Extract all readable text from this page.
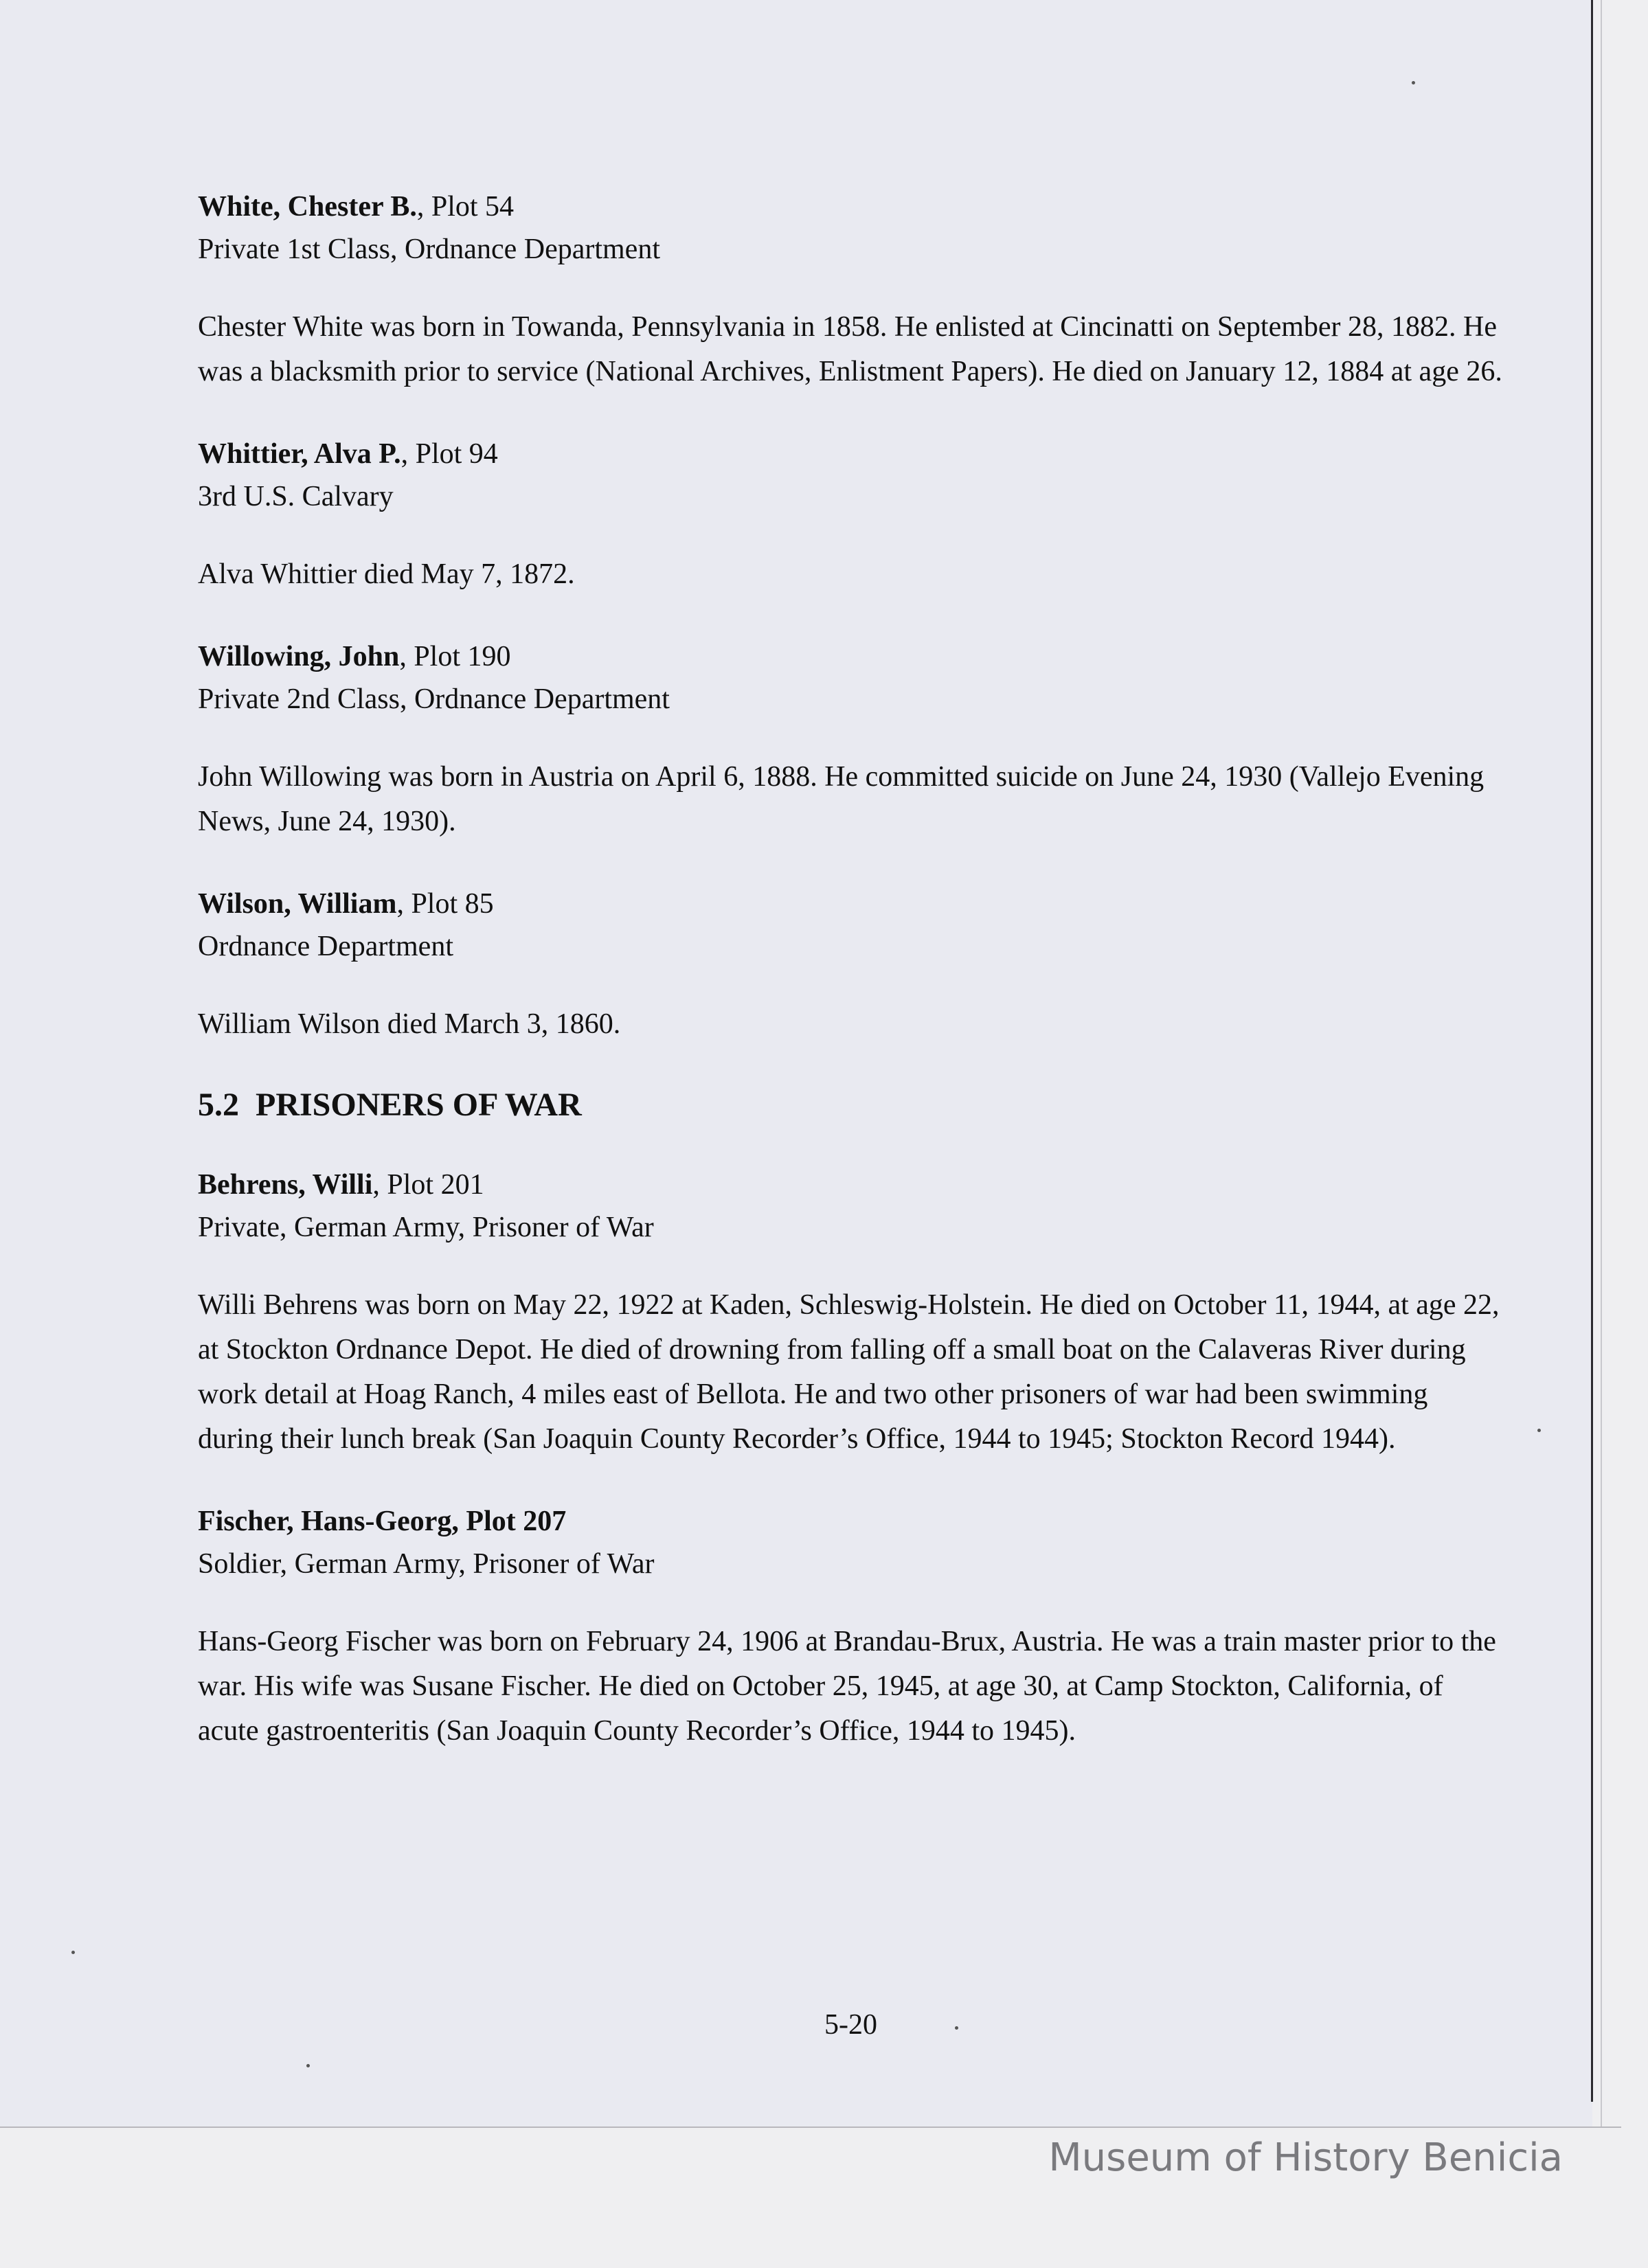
White, Chester B., Plot 54

Private 1st Class, Ordnance Department

Chester White was born in Towanda, Pennsylvania in 1858. He enlisted at Cincinatti on September 28, 1882. He was a blacksmith prior to service (National Archives, Enlistment Papers). He died on January 12, 1884 at age 26.

Whittier, Alva P., Plot 94

3rd U.S. Calvary

Alva Whittier died May 7, 1872.

Willowing, John, Plot 190

Private 2nd Class, Ordnance Department

John Willowing was born in Austria on April 6, 1888. He committed suicide on June 24, 1930 (Vallejo Evening News, June 24, 1930).

Wilson, William, Plot 85

Ordnance Department

William Wilson died March 3, 1860.

5.2 PRISONERS OF WAR

Behrens, Willi, Plot 201

Private, German Army, Prisoner of War

Willi Behrens was born on May 22, 1922 at Kaden, Schleswig-Holstein. He died on October 11, 1944, at age 22, at Stockton Ordnance Depot. He died of drowning from falling off a small boat on the Calaveras River during work detail at Hoag Ranch, 4 miles east of Bellota. He and two other prisoners of war had been swimming during their lunch break (San Joaquin County Recorder’s Office, 1944 to 1945; Stockton Record 1944).

Fischer, Hans-Georg, Plot 207

Soldier, German Army, Prisoner of War

Hans-Georg Fischer was born on February 24, 1906 at Brandau-Brux, Austria. He was a train master prior to the war. His wife was Susane Fischer. He died on October 25, 1945, at age 30, at Camp Stockton, California, of acute gastroenteritis (San Joaquin County Recorder’s Office, 1944 to 1945).

5-20
Museum of History Benicia
